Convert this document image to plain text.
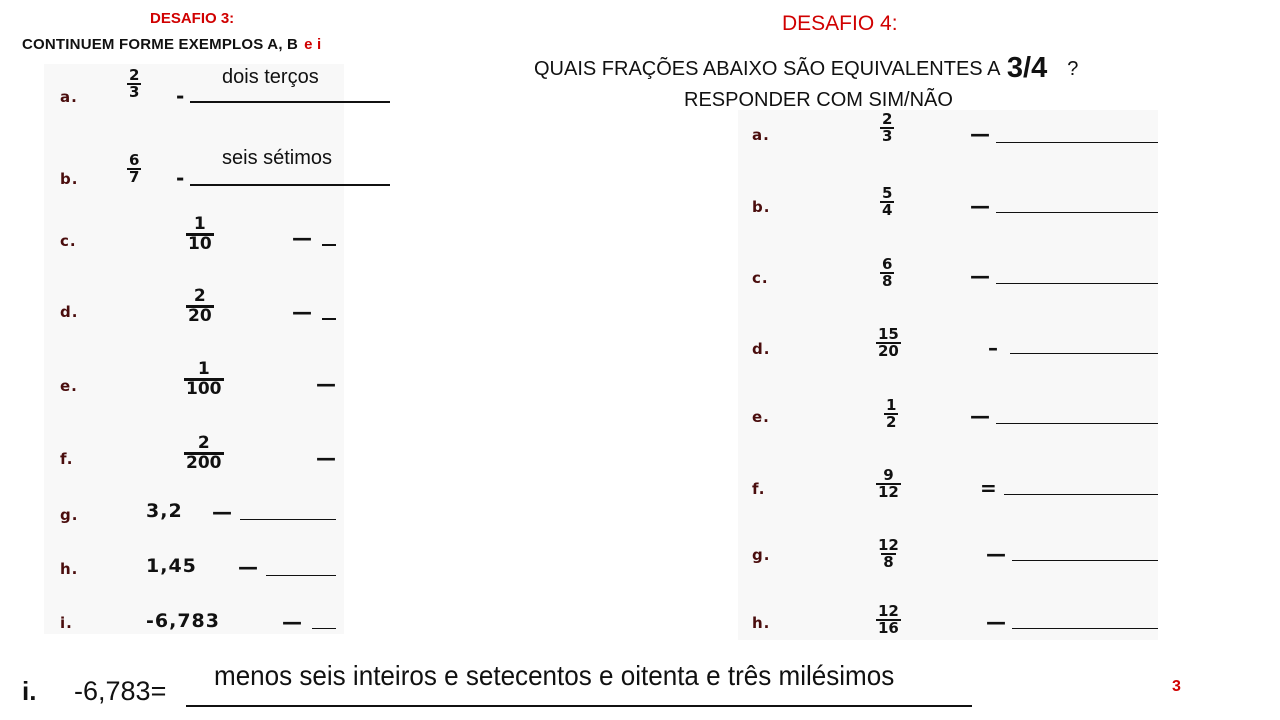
DESAFIO 3:
CONTINUEM FORME EXEMPLOS A, B e i
a.	$\frac{2}{3}$ -
dois terços
b.	$\frac{6}{7}$ -
seis sétimos
c.	$\frac{1}{10}$	—
d.	$\frac{2}{20}$	—
e.	$\frac{1}{100}$	—
f.	$\frac{2}{200}$	—
g.	3,2 —
h.	1,45 —
i.	-6,783	—
DESAFIO 4:
QUAIS FRAÇÕES ABAIXO SÃO EQUIVALENTES A 3/4 ?
RESPONDER COM SIM/NÃO
a.	$\frac{2}{3}$	—
b.	$\frac{5}{4}$	—
c.	$\frac{6}{8}$	—
d.	$\frac{15}{20}$	–
e.	$\frac{1}{2}$	—
f.	$\frac{9}{12}$	=
g.	$\frac{12}{8}$	—
h.	$\frac{12}{16}$	—
i. -6,783= menos seis inteiros e setecentos e oitenta e três milésimos	3
